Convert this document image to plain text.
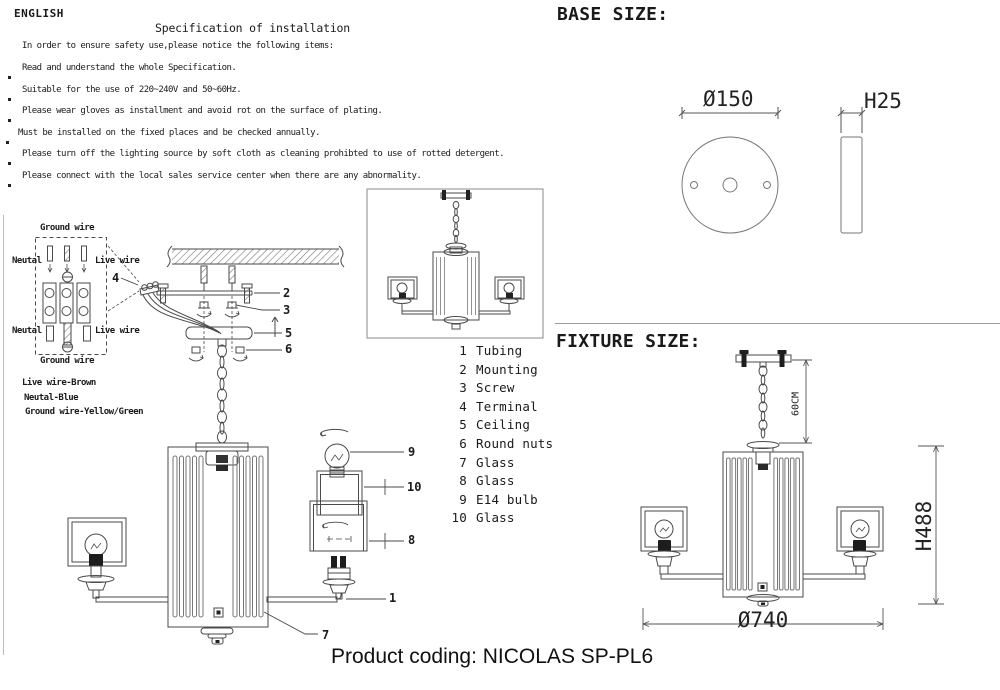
ENGLISH
Specification of installation
In order to ensure safety use,please notice the following items:
Read and understand the whole Specification.
Suitable for the use of 220~240V and 50~60Hz.
Please wear gloves as installment and avoid rot on the surface of plating.
Must be installed on the fixed places and be checked annually.
Please turn off the lighting source by soft cloth as cleaning prohibted to use of rotted detergent.
Please connect with the local sales service center when there are any abnormality.
Ground wire
Neutal	Live wire
Neutal	Live wire
Ground wire
Live wire-Brown
Neutal-Blue
Ground wire-Yellow/Green
4
2
3
5
6
9
10
8
1
7
1 Tubing
2 Mounting
3 Screw
4 Terminal
5 Ceiling
6 Round nuts
7 Glass
8 Glass
9 E14 bulb
10 Glass
BASE SIZE:
FIXTURE SIZE:
Ø150	H25
60CM
H488
Ø740
Product coding: NICOLAS SP-PL6
